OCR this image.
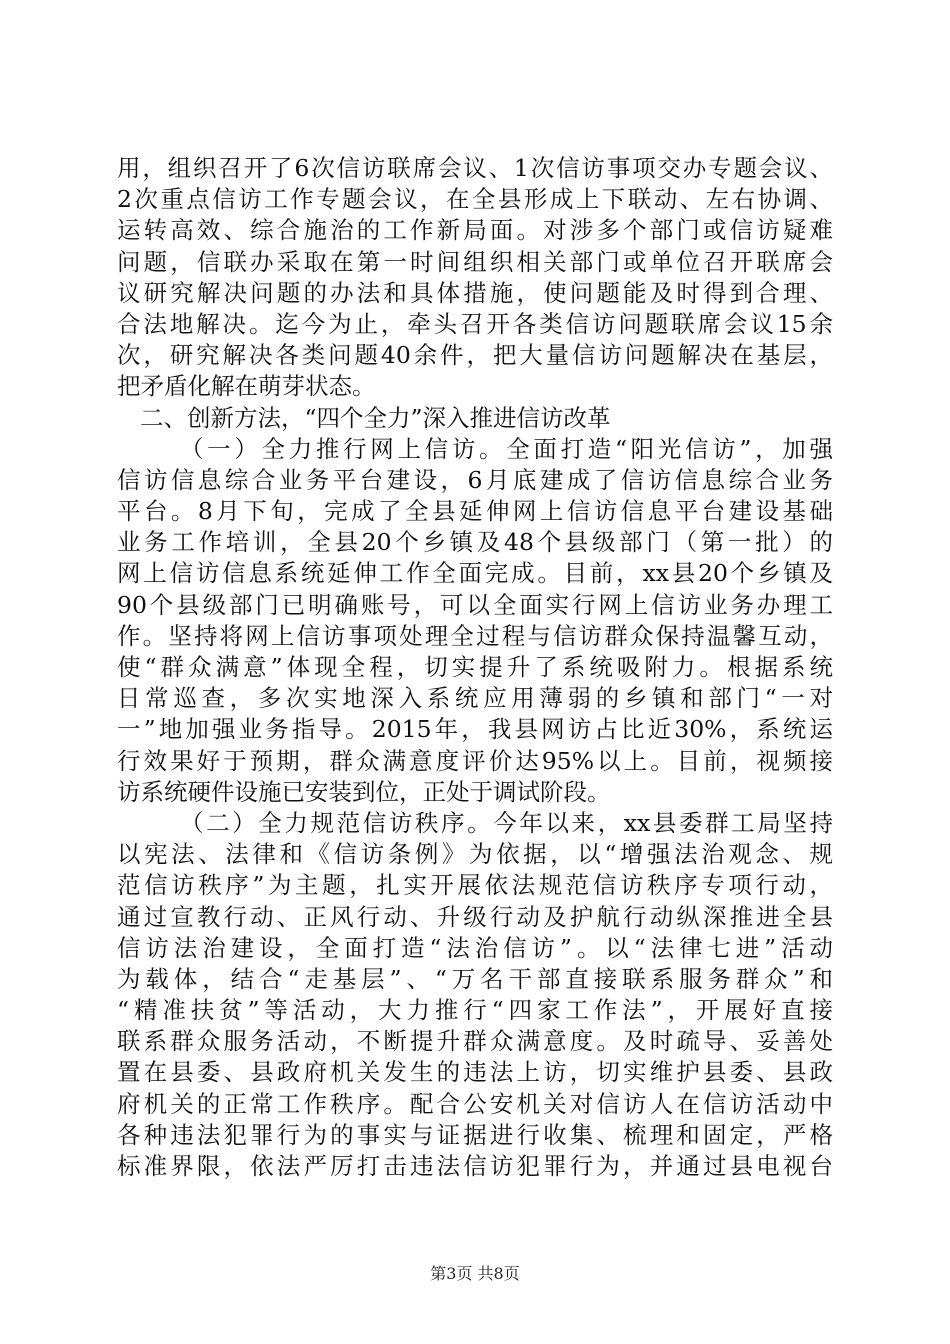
用，组织召开了6次信访联席会议、1次信访事项交办专题会议、
2次重点信访工作专题会议，在全县形成上下联动、左右协调、
运转高效、综合施治的工作新局面。对涉多个部门或信访疑难
问题，信联办采取在第一时间组织相关部门或单位召开联席会
议研究解决问题的办法和具体措施，使问题能及时得到合理、
合法地解决。迄今为止，牵头召开各类信访问题联席会议15余
次，研究解决各类问题40余件，把大量信访问题解决在基层，
把矛盾化解在萌芽状态。
二、创新方法，“四个全力”深入推进信访改革
（一）全力推行网上信访。全面打造“阳光信访”，加强
信访信息综合业务平台建设，6月底建成了信访信息综合业务
平台。8月下旬，完成了全县延伸网上信访信息平台建设基础
业务工作培训，全县20个乡镇及48个县级部门（第一批）的
网上信访信息系统延伸工作全面完成。目前，xx县20个乡镇及
90个县级部门已明确账号，可以全面实行网上信访业务办理工
作。坚持将网上信访事项处理全过程与信访群众保持温馨互动，
使“群众满意”体现全程，切实提升了系统吸附力。根据系统
日常巡查，多次实地深入系统应用薄弱的乡镇和部门“一对
一”地加强业务指导。2015年，我县网访占比近30%，系统运
行效果好于预期，群众满意度评价达95%以上。目前，视频接
访系统硬件设施已安装到位，正处于调试阶段。
（二）全力规范信访秩序。今年以来，xx县委群工局坚持
以宪法、法律和《信访条例》为依据，以“增强法治观念、规
范信访秩序”为主题，扎实开展依法规范信访秩序专项行动，
通过宣教行动、正风行动、升级行动及护航行动纵深推进全县
信访法治建设，全面打造“法治信访”。以“法律七进”活动
为载体，结合“走基层”、“万名干部直接联系服务群众”和
“精准扶贫”等活动，大力推行“四家工作法”，开展好直接
联系群众服务活动，不断提升群众满意度。及时疏导、妥善处
置在县委、县政府机关发生的违法上访，切实维护县委、县政
府机关的正常工作秩序。配合公安机关对信访人在信访活动中
各种违法犯罪行为的事实与证据进行收集、梳理和固定，严格
标准界限，依法严厉打击违法信访犯罪行为，并通过县电视台
第3页 共8页
